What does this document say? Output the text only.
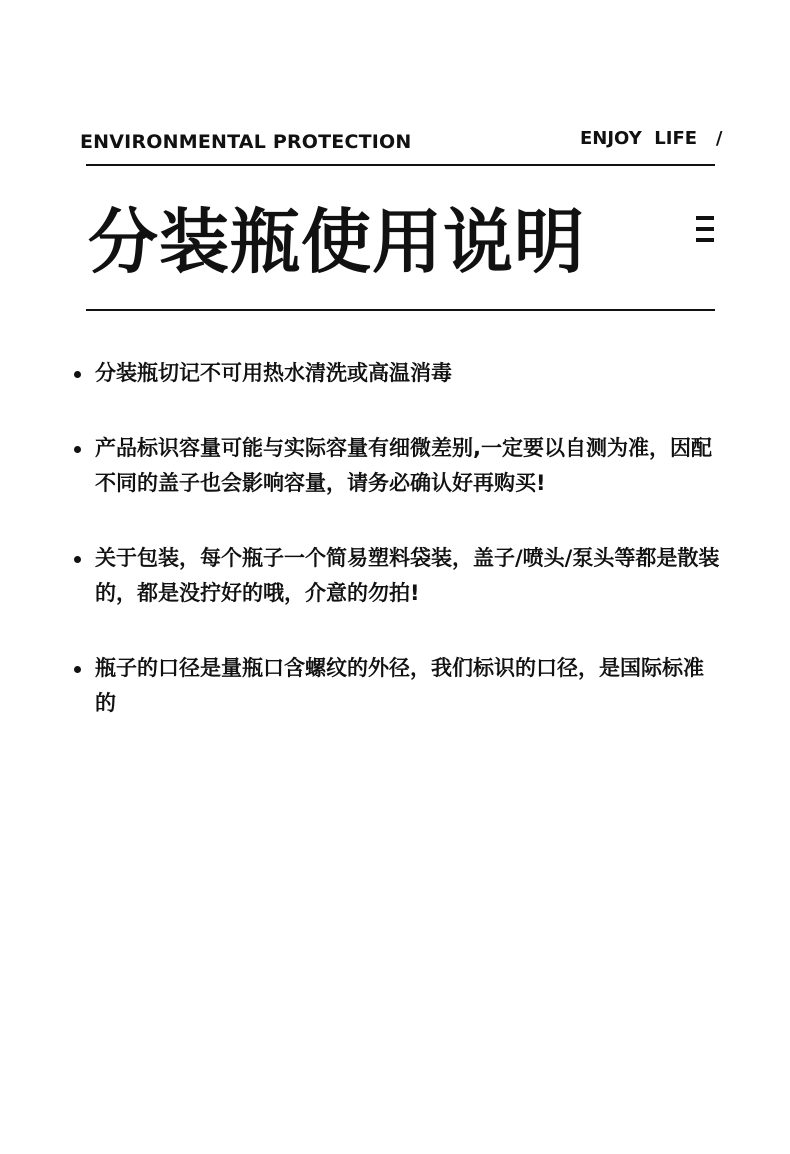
ENVIRONMENTAL PROTECTION	ENJOY  LIFE   /
分装瓶使用说明
分装瓶切记不可用热水清洗或高温消毒
产品标识容量可能与实际容量有细微差别,一定要以自测为准，因配不同的盖子也会影响容量，请务必确认好再购买!
关于包装，每个瓶子一个简易塑料袋装，盖子/喷头/泵头等都是散装的，都是没拧好的哦，介意的勿拍!
瓶子的口径是量瓶口含螺纹的外径，我们标识的口径，是国际标准的
